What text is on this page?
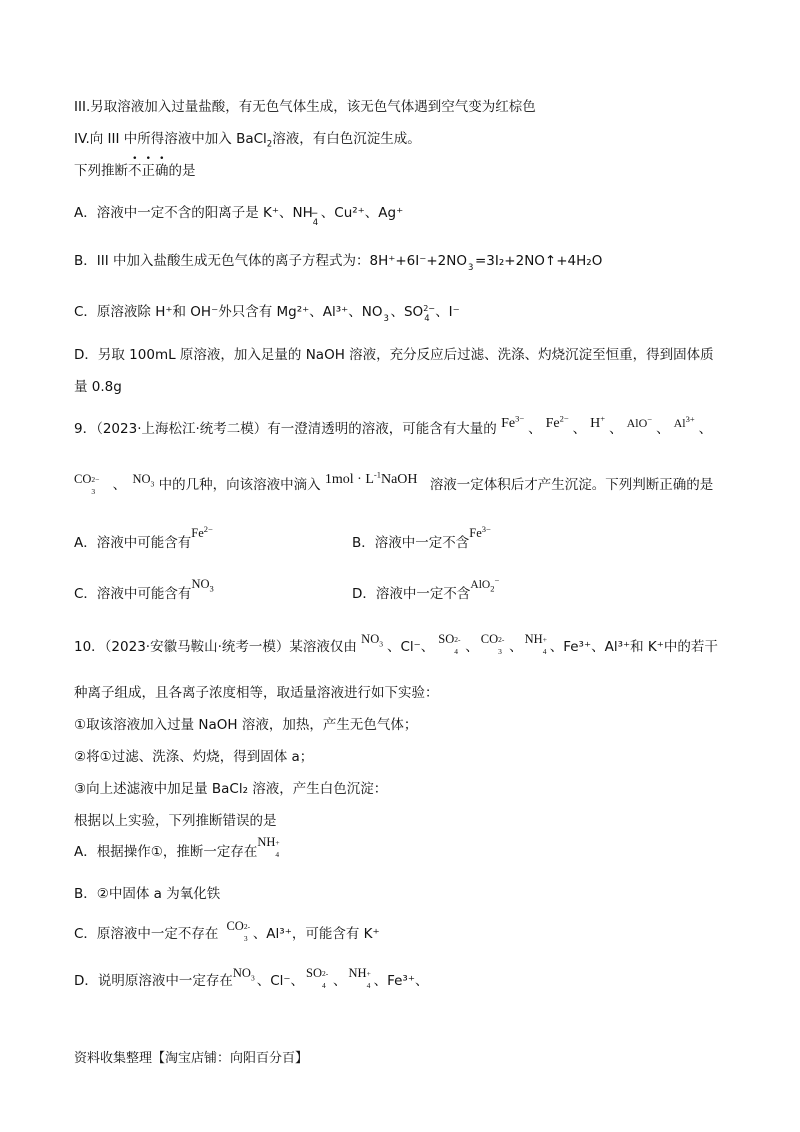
III.另取溶液加入过量盐酸，有无色气体生成，该无色气体遇到空气变为红棕色
IV.向 III 中所得溶液中加入 BaCl$_2$溶液，有白色沉淀生成。
下列推断不正确的是
A．溶液中一定不含的阳离子是 K⁺、NH
−
4
、Cu²⁺、Ag⁺
B．III 中加入盐酸生成无色气体的离子方程式为：8H⁺+6I⁻+2NO 3 =3I₂+2NO↑+4H₂O
C．原溶液除 H⁺和 OH⁻外只含有 Mg²⁺、Al³⁺、NO 3 、SO 2−
4 、I⁻
D．另取 100mL 原溶液，加入足量的 NaOH 溶液，充分反应后过滤、洗涤、灼烧沉淀至恒重，得到固体质
量 0.8g
9．（2023·上海松江·统考二模）有一澄清透明的溶液，可能含有大量的 $Fe^{3-}$、 $Fe^{2-}$、 H+、 AlO−、 $Al^{3+}$、
CO 2−
3 、 $NO_3$ 中的几种，向该溶液中滴入 $1mol \cdot L^{-1}NaOH$ 溶液一定体积后才产生沉淀。下列判断正确的是
A．溶液中可能含有$Fe^{2-}$
B．溶液中一定不含$Fe^{3-}$
C．溶液中可能含有$NO_3$	D．溶液中一定不含AlO$_2$−
10．（2023·安徽马鞍山·统考一模）某溶液仅由 $NO_3$ 、Cl⁻、 SO 2-
4 、 CO 2-
3 、 NH +
4 、Fe³⁺、Al³⁺和 K⁺中的若干
种离子组成，且各离子浓度相等，取适量溶液进行如下实验：
①取该溶液加入过量 NaOH 溶液，加热，产生无色气体；
②将①过滤、洗涤、灼烧，得到固体 a；
③向上述滤液中加足量 BaCl₂ 溶液，产生白色沉淀：
根据以上实验，下列推断错误的是
A．根据操作①，推断一定存在NH +
4
B．②中固体 a 为氧化铁
C．原溶液中一定不存在 CO 2-
3 、Al³⁺，可能含有 K⁺
D．说明原溶液中一定存在$NO_3$ 、Cl⁻、 SO 2-
4 、 NH +
4 、Fe³⁺、
资料收集整理【淘宝店铺：向阳百分百】
